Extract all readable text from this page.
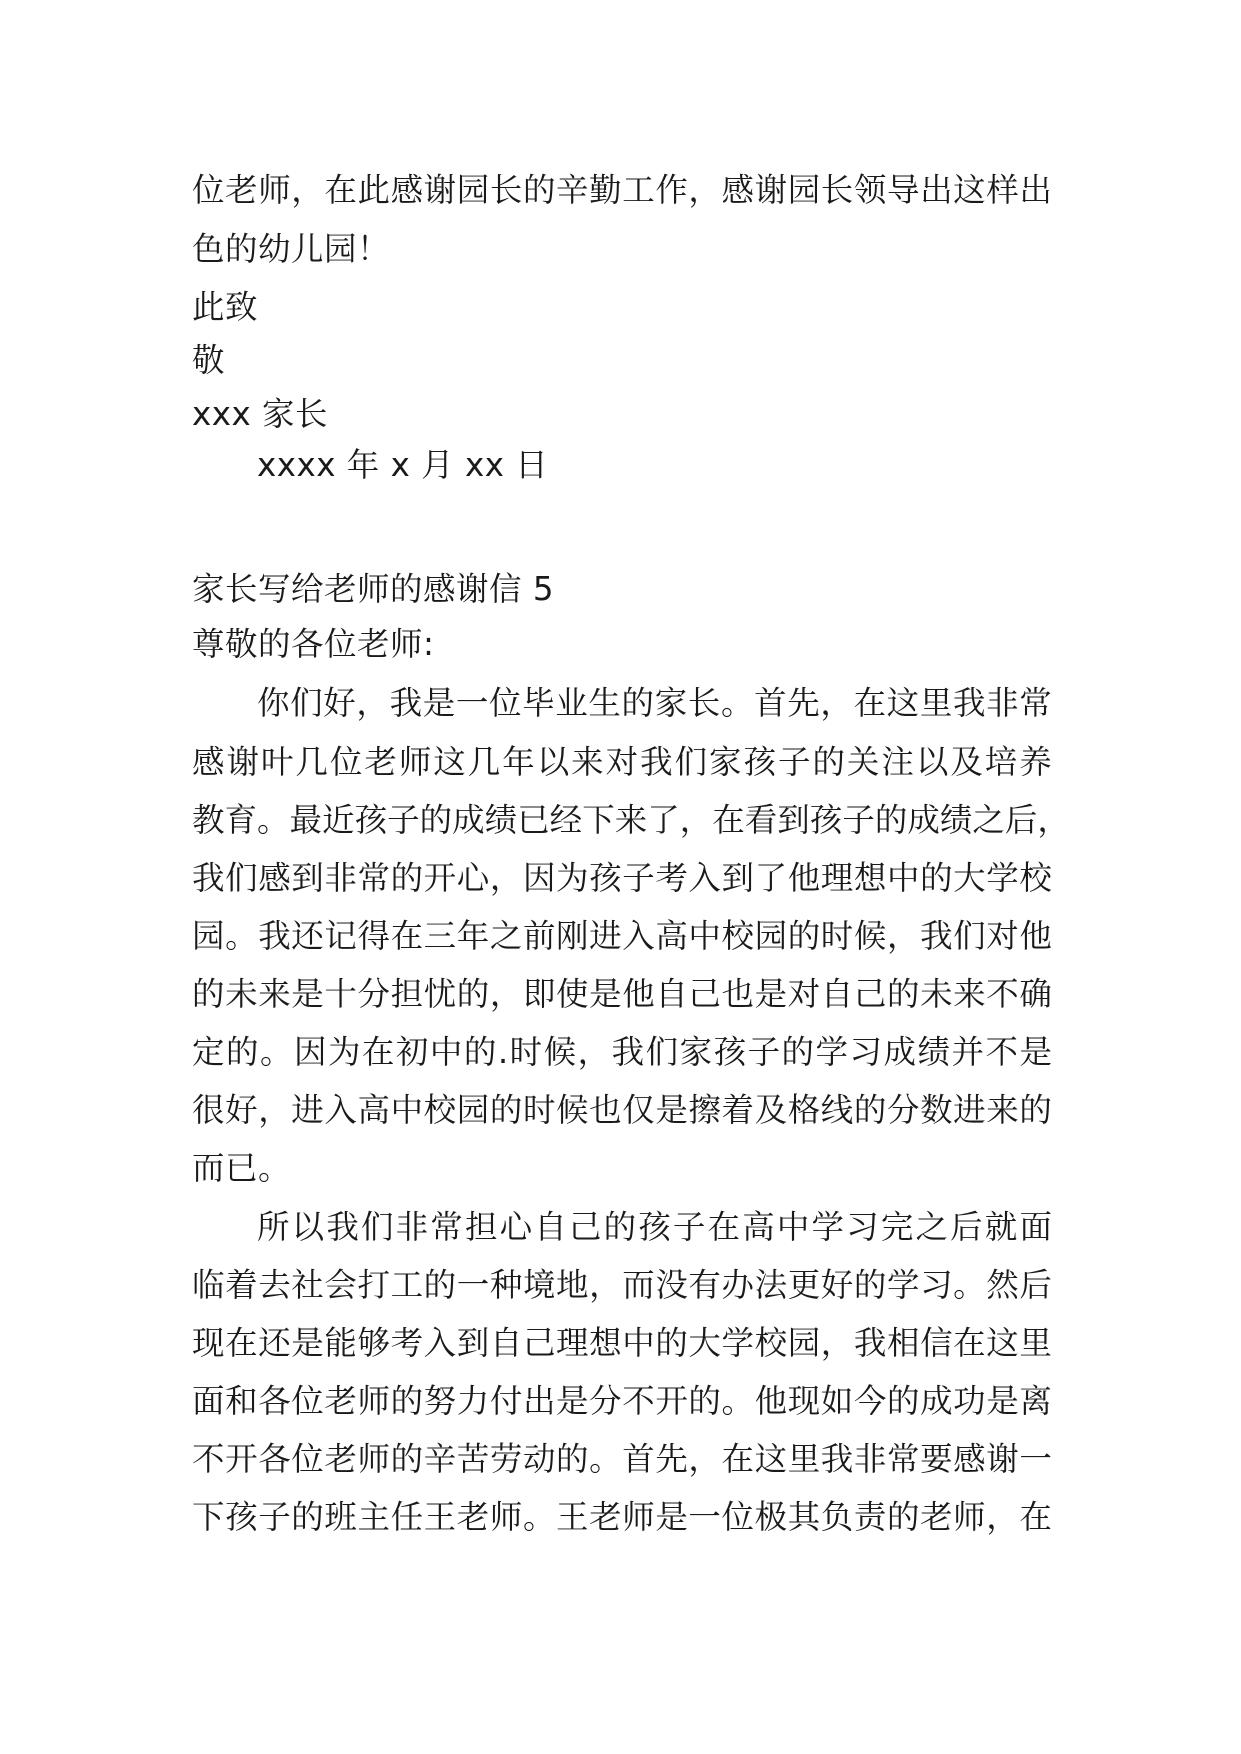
位 老 师 ， 在 此 感 谢 园 长 的 辛 勤 工 作 ， 感 谢 园 长 领 导 出 这 样 出
色的幼儿园！
此致
敬
xxx 家长
xxxx 年 x 月 xx 日
家长写给老师的感谢信 5
尊敬的各位老师:
你 们 好 ， 我 是 一 位 毕 业 生 的 家 长 。 首 先 ， 在 这 里 我 非 常
感 谢 叶 几 位 老 师 这 几 年 以 来 对 我 们 家 孩 子 的 关 注 以 及 培 养
教 育 。 最 近 孩 子 的 成 绩 已 经 下 来 了 ， 在 看 到 孩 子 的 成 绩 之 后 ，
我 们 感 到 非 常 的 开 心 ， 因 为 孩 子 考 入 到 了 他 理 想 中 的 大 学 校
园 。 我 还 记 得 在 三 年 之 前 刚 进 入 高 中 校 园 的 时 候 ， 我 们 对 他
的 未 来 是 十 分 担 忧 的 ， 即 使 是 他 自 己 也 是 对 自 己 的 未 来 不 确
定 的 。 因 为 在 初 中 的 . 时 候 ， 我 们 家 孩 子 的 学 习 成 绩 并 不 是
很 好 ， 进 入 高 中 校 园 的 时 候 也 仅 是 擦 着 及 格 线 的 分 数 进 来 的
而已。
所 以 我 们 非 常 担 心 自 己 的 孩 子 在 高 中 学 习 完 之 后 就 面
临 着 去 社 会 打 工 的 一 种 境 地 ， 而 没 有 办 法 更 好 的 学 习 。 然 后
现 在 还 是 能 够 考 入 到 自 己 理 想 中 的 大 学 校 园 ， 我 相 信 在 这 里
面 和 各 位 老 师 的 努 力 付 出 是 分 不 开 的 。 他 现 如 今 的 成 功 是 离
不 开 各 位 老 师 的 辛 苦 劳 动 的 。 首 先 ， 在 这 里 我 非 常 要 感 谢 一
下 孩 子 的 班 主 任 王 老 师 。 王 老 师 是 一 位 极 其 负 责 的 老 师 ， 在
